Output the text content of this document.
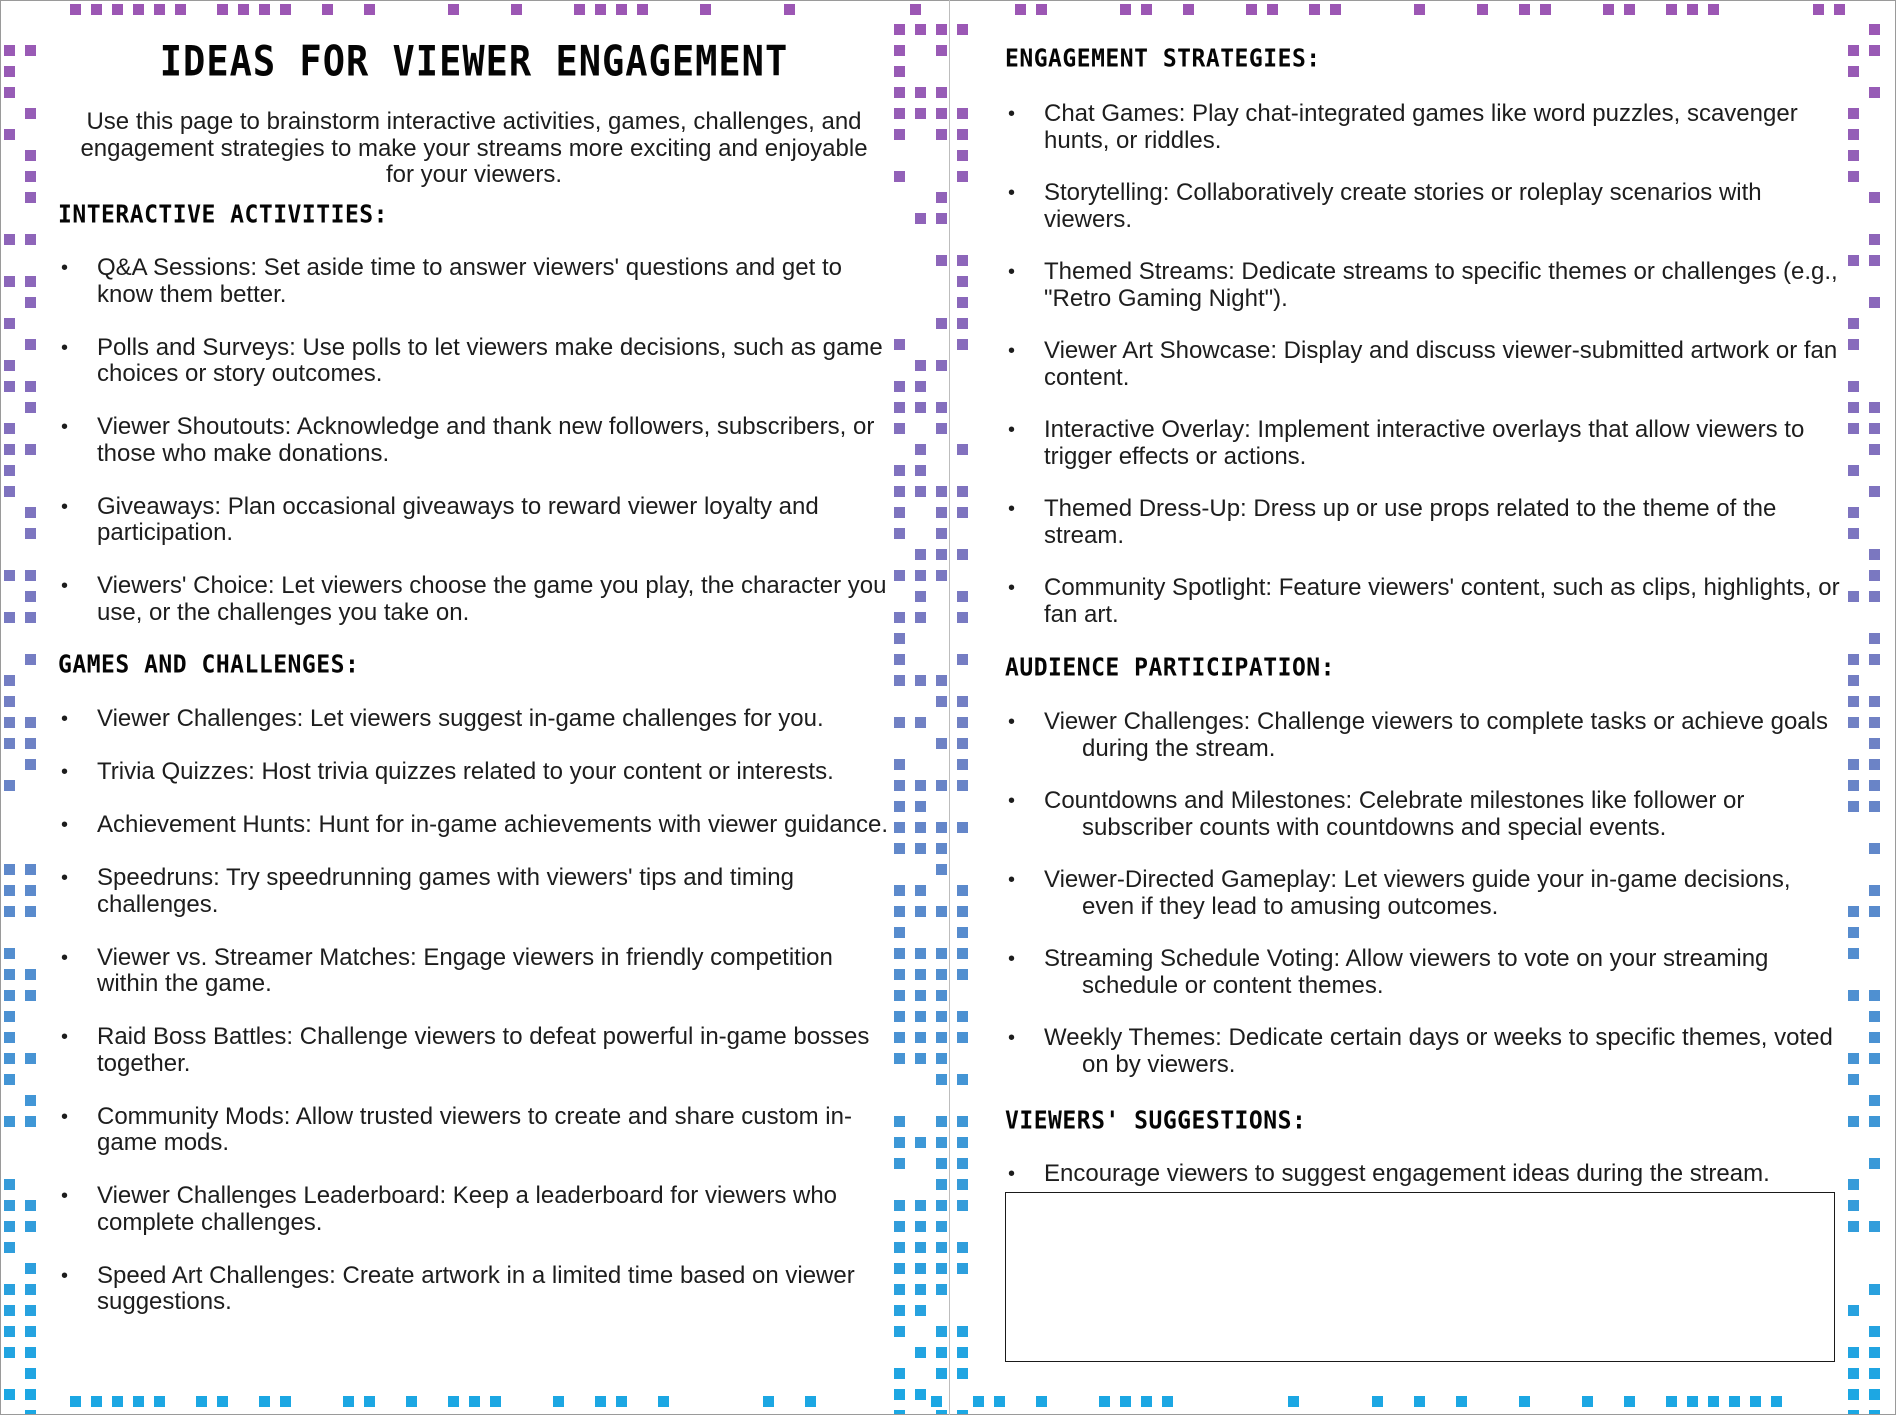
IDEAS FOR VIEWER ENGAGEMENT

Use this page to brainstorm interactive activities, games, challenges, and engagement strategies to make your streams more exciting and enjoyable for your viewers.

INTERACTIVE ACTIVITIES:
• Q&A Sessions: Set aside time to answer viewers' questions and get to know them better.
• Polls and Surveys: Use polls to let viewers make decisions, such as game choices or story outcomes.
• Viewer Shoutouts: Acknowledge and thank new followers, subscribers, or those who make donations.
• Giveaways: Plan occasional giveaways to reward viewer loyalty and participation.
• Viewers' Choice: Let viewers choose the game you play, the character you use, or the challenges you take on.
GAMES AND CHALLENGES:
• Viewer Challenges: Let viewers suggest in-game challenges for you.
• Trivia Quizzes: Host trivia quizzes related to your content or interests.
• Achievement Hunts: Hunt for in-game achievements with viewer guidance.
• Speedruns: Try speedrunning games with viewers' tips and timing challenges.
• Viewer vs. Streamer Matches: Engage viewers in friendly competition within the game.
• Raid Boss Battles: Challenge viewers to defeat powerful in-game bosses together.
• Community Mods: Allow trusted viewers to create and share custom in-game mods.
• Viewer Challenges Leaderboard: Keep a leaderboard for viewers who complete challenges.
• Speed Art Challenges: Create artwork in a limited time based on viewer suggestions.
ENGAGEMENT STRATEGIES:
• Chat Games: Play chat-integrated games like word puzzles, scavenger hunts, or riddles.
• Storytelling: Collaboratively create stories or roleplay scenarios with viewers.
• Themed Streams: Dedicate streams to specific themes or challenges (e.g., "Retro Gaming Night").
• Viewer Art Showcase: Display and discuss viewer-submitted artwork or fan content.
• Interactive Overlay: Implement interactive overlays that allow viewers to trigger effects or actions.
• Themed Dress-Up: Dress up or use props related to the theme of the stream.
• Community Spotlight: Feature viewers' content, such as clips, highlights, or fan art.
AUDIENCE PARTICIPATION:
• Viewer Challenges: Challenge viewers to complete tasks or achieve goals during the stream.
• Countdowns and Milestones: Celebrate milestones like follower or subscriber counts with countdowns and special events.
• Viewer-Directed Gameplay: Let viewers guide your in-game decisions, even if they lead to amusing outcomes.
• Streaming Schedule Voting: Allow viewers to vote on your streaming schedule or content themes.
• Weekly Themes: Dedicate certain days or weeks to specific themes, voted on by viewers.
VIEWERS' SUGGESTIONS:
• Encourage viewers to suggest engagement ideas during the stream.
